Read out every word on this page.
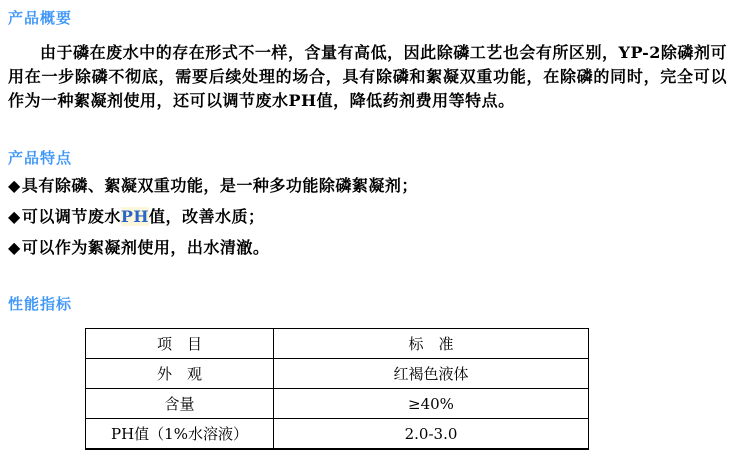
产品概要

由于磷在废水中的存在形式不一样，含量有高低，因此除磷工艺也会有所区别，YP-2除磷剂可用在一步除磷不彻底，需要后续处理的场合，具有除磷和絮凝双重功能，在除磷的同时，完全可以作为一种絮凝剂使用，还可以调节废水PH值，降低药剂费用等特点。

产品特点
◆具有除磷、絮凝双重功能，是一种多功能除磷絮凝剂；
◆可以调节废水PH值，改善水质；
◆可以作为絮凝剂使用，出水清澈。
性能指标
项　目	标　准
外　观	红褐色液体
含量	≥40%
PH值（1%水溶液）	2.0-3.0
